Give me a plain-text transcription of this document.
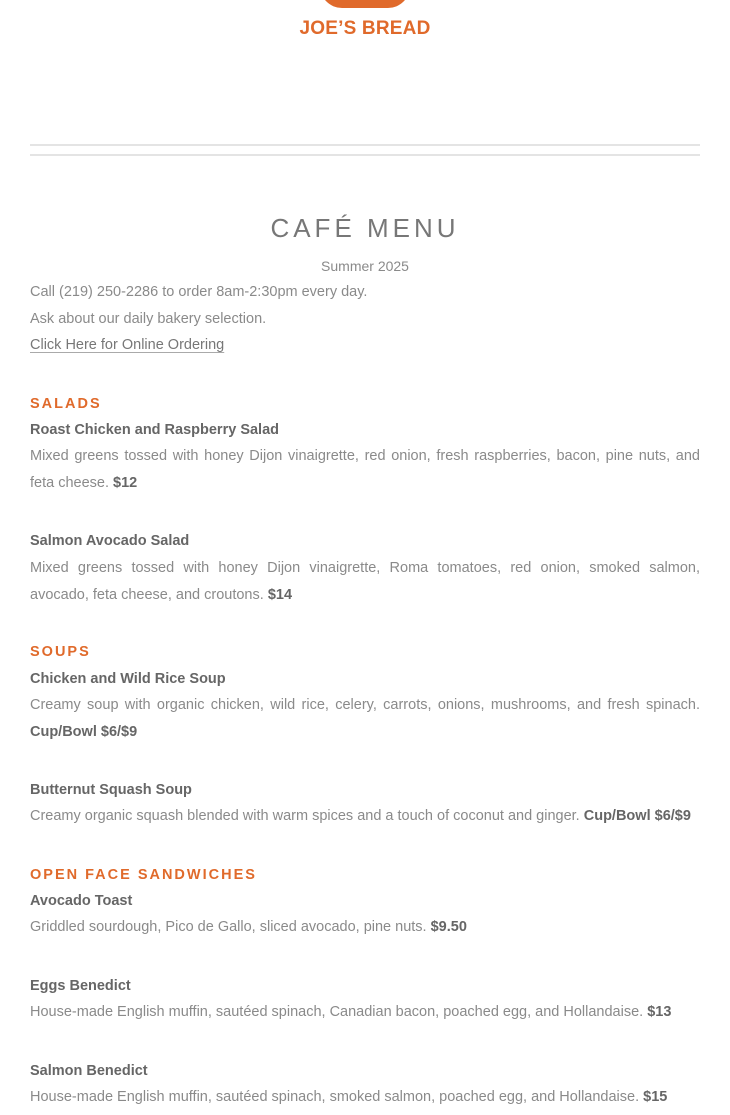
JOE’S BREAD
CAFÉ MENU
Summer 2025
Call (219) 250-2286 to order 8am-2:30pm every day.
Ask about our daily bakery selection.
Click Here for Online Ordering
SALADS
Roast Chicken and Raspberry Salad
Mixed greens tossed with honey Dijon vinaigrette, red onion, fresh raspberries, bacon, pine nuts, and feta cheese. $12
Salmon Avocado Salad
Mixed greens tossed with honey Dijon vinaigrette, Roma tomatoes, red onion, smoked salmon, avocado, feta cheese, and croutons. $14
SOUPS
Chicken and Wild Rice Soup
Creamy soup with organic chicken, wild rice, celery, carrots, onions, mushrooms, and fresh spinach. Cup/Bowl $6/$9
Butternut Squash Soup
Creamy organic squash blended with warm spices and a touch of coconut and ginger. Cup/Bowl $6/$9
OPEN FACE SANDWICHES
Avocado Toast
Griddled sourdough, Pico de Gallo, sliced avocado, pine nuts. $9.50
Eggs Benedict
House-made English muffin, sautéed spinach, Canadian bacon, poached egg, and Hollandaise. $13
Salmon Benedict
House-made English muffin, sautéed spinach, smoked salmon, poached egg, and Hollandaise. $15
